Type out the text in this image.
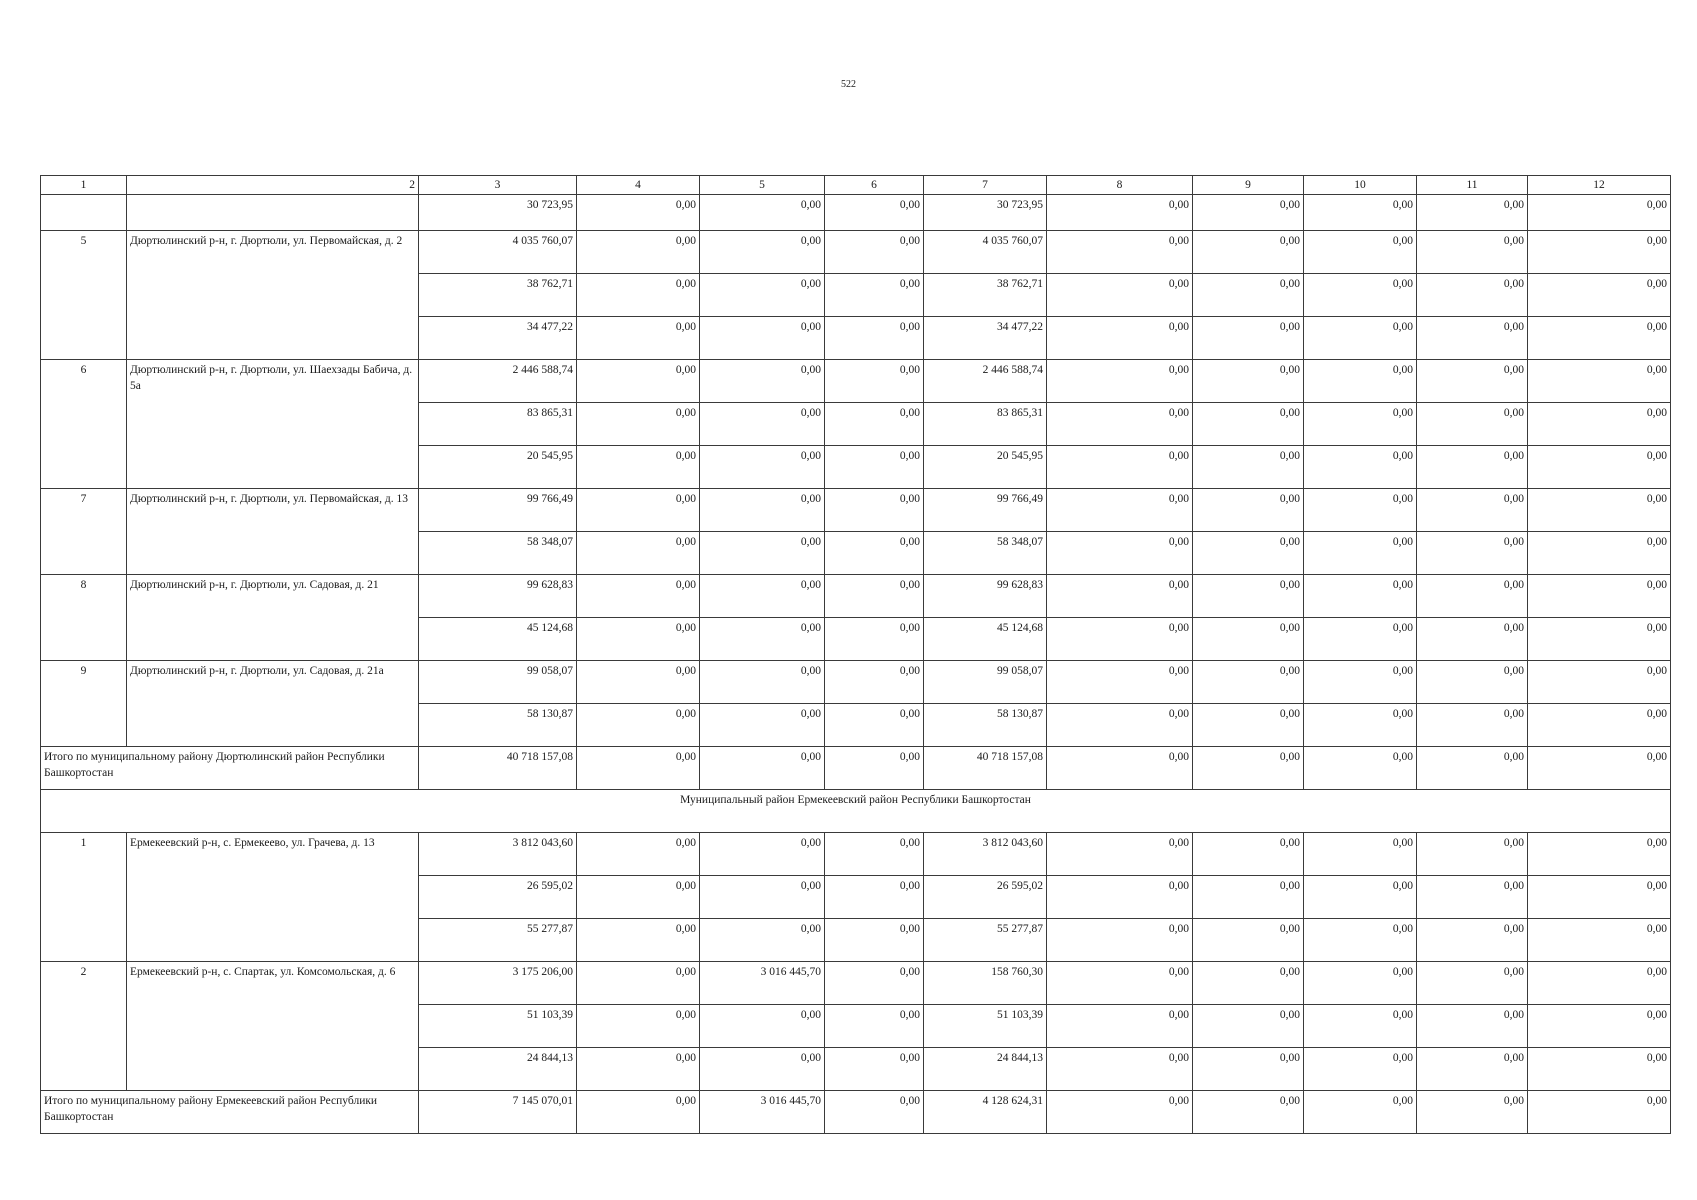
522
1	2	3	4	5	6	7	8	9	10	11	12
		30 723,95	0,00	0,00	0,00	30 723,95	0,00	0,00	0,00	0,00	0,00
5	Дюртюлинский р-н, г. Дюртюли, ул. Первомайская, д. 2	4 035 760,07	0,00	0,00	0,00	4 035 760,07	0,00	0,00	0,00	0,00	0,00
		38 762,71	0,00	0,00	0,00	38 762,71	0,00	0,00	0,00	0,00	0,00
		34 477,22	0,00	0,00	0,00	34 477,22	0,00	0,00	0,00	0,00	0,00
6	Дюртюлинский р-н, г. Дюртюли, ул. Шаехзады Бабича, д. 5а	2 446 588,74	0,00	0,00	0,00	2 446 588,74	0,00	0,00	0,00	0,00	0,00
		83 865,31	0,00	0,00	0,00	83 865,31	0,00	0,00	0,00	0,00	0,00
		20 545,95	0,00	0,00	0,00	20 545,95	0,00	0,00	0,00	0,00	0,00
7	Дюртюлинский р-н, г. Дюртюли, ул. Первомайская, д. 13	99 766,49	0,00	0,00	0,00	99 766,49	0,00	0,00	0,00	0,00	0,00
		58 348,07	0,00	0,00	0,00	58 348,07	0,00	0,00	0,00	0,00	0,00
8	Дюртюлинский р-н, г. Дюртюли, ул. Садовая, д. 21	99 628,83	0,00	0,00	0,00	99 628,83	0,00	0,00	0,00	0,00	0,00
		45 124,68	0,00	0,00	0,00	45 124,68	0,00	0,00	0,00	0,00	0,00
9	Дюртюлинский р-н, г. Дюртюли, ул. Садовая, д. 21а	99 058,07	0,00	0,00	0,00	99 058,07	0,00	0,00	0,00	0,00	0,00
		58 130,87	0,00	0,00	0,00	58 130,87	0,00	0,00	0,00	0,00	0,00
Итого по муниципальному району Дюртюлинский район Республики Башкортостан		40 718 157,08	0,00	0,00	0,00	40 718 157,08	0,00	0,00	0,00	0,00	0,00
Муниципальный район Ермекеевский район Республики Башкортостан											
1	Ермекеевский р-н, с. Ермекеево, ул. Грачева, д. 13	3 812 043,60	0,00	0,00	0,00	3 812 043,60	0,00	0,00	0,00	0,00	0,00
		26 595,02	0,00	0,00	0,00	26 595,02	0,00	0,00	0,00	0,00	0,00
		55 277,87	0,00	0,00	0,00	55 277,87	0,00	0,00	0,00	0,00	0,00
2	Ермекеевский р-н, с. Спартак, ул. Комсомольская, д. 6	3 175 206,00	0,00	3 016 445,70	0,00	158 760,30	0,00	0,00	0,00	0,00	0,00
		51 103,39	0,00	0,00	0,00	51 103,39	0,00	0,00	0,00	0,00	0,00
		24 844,13	0,00	0,00	0,00	24 844,13	0,00	0,00	0,00	0,00	0,00
Итого по муниципальному району Ермекеевский район Республики Башкортостан		7 145 070,01	0,00	3 016 445,70	0,00	4 128 624,31	0,00	0,00	0,00	0,00	0,00
